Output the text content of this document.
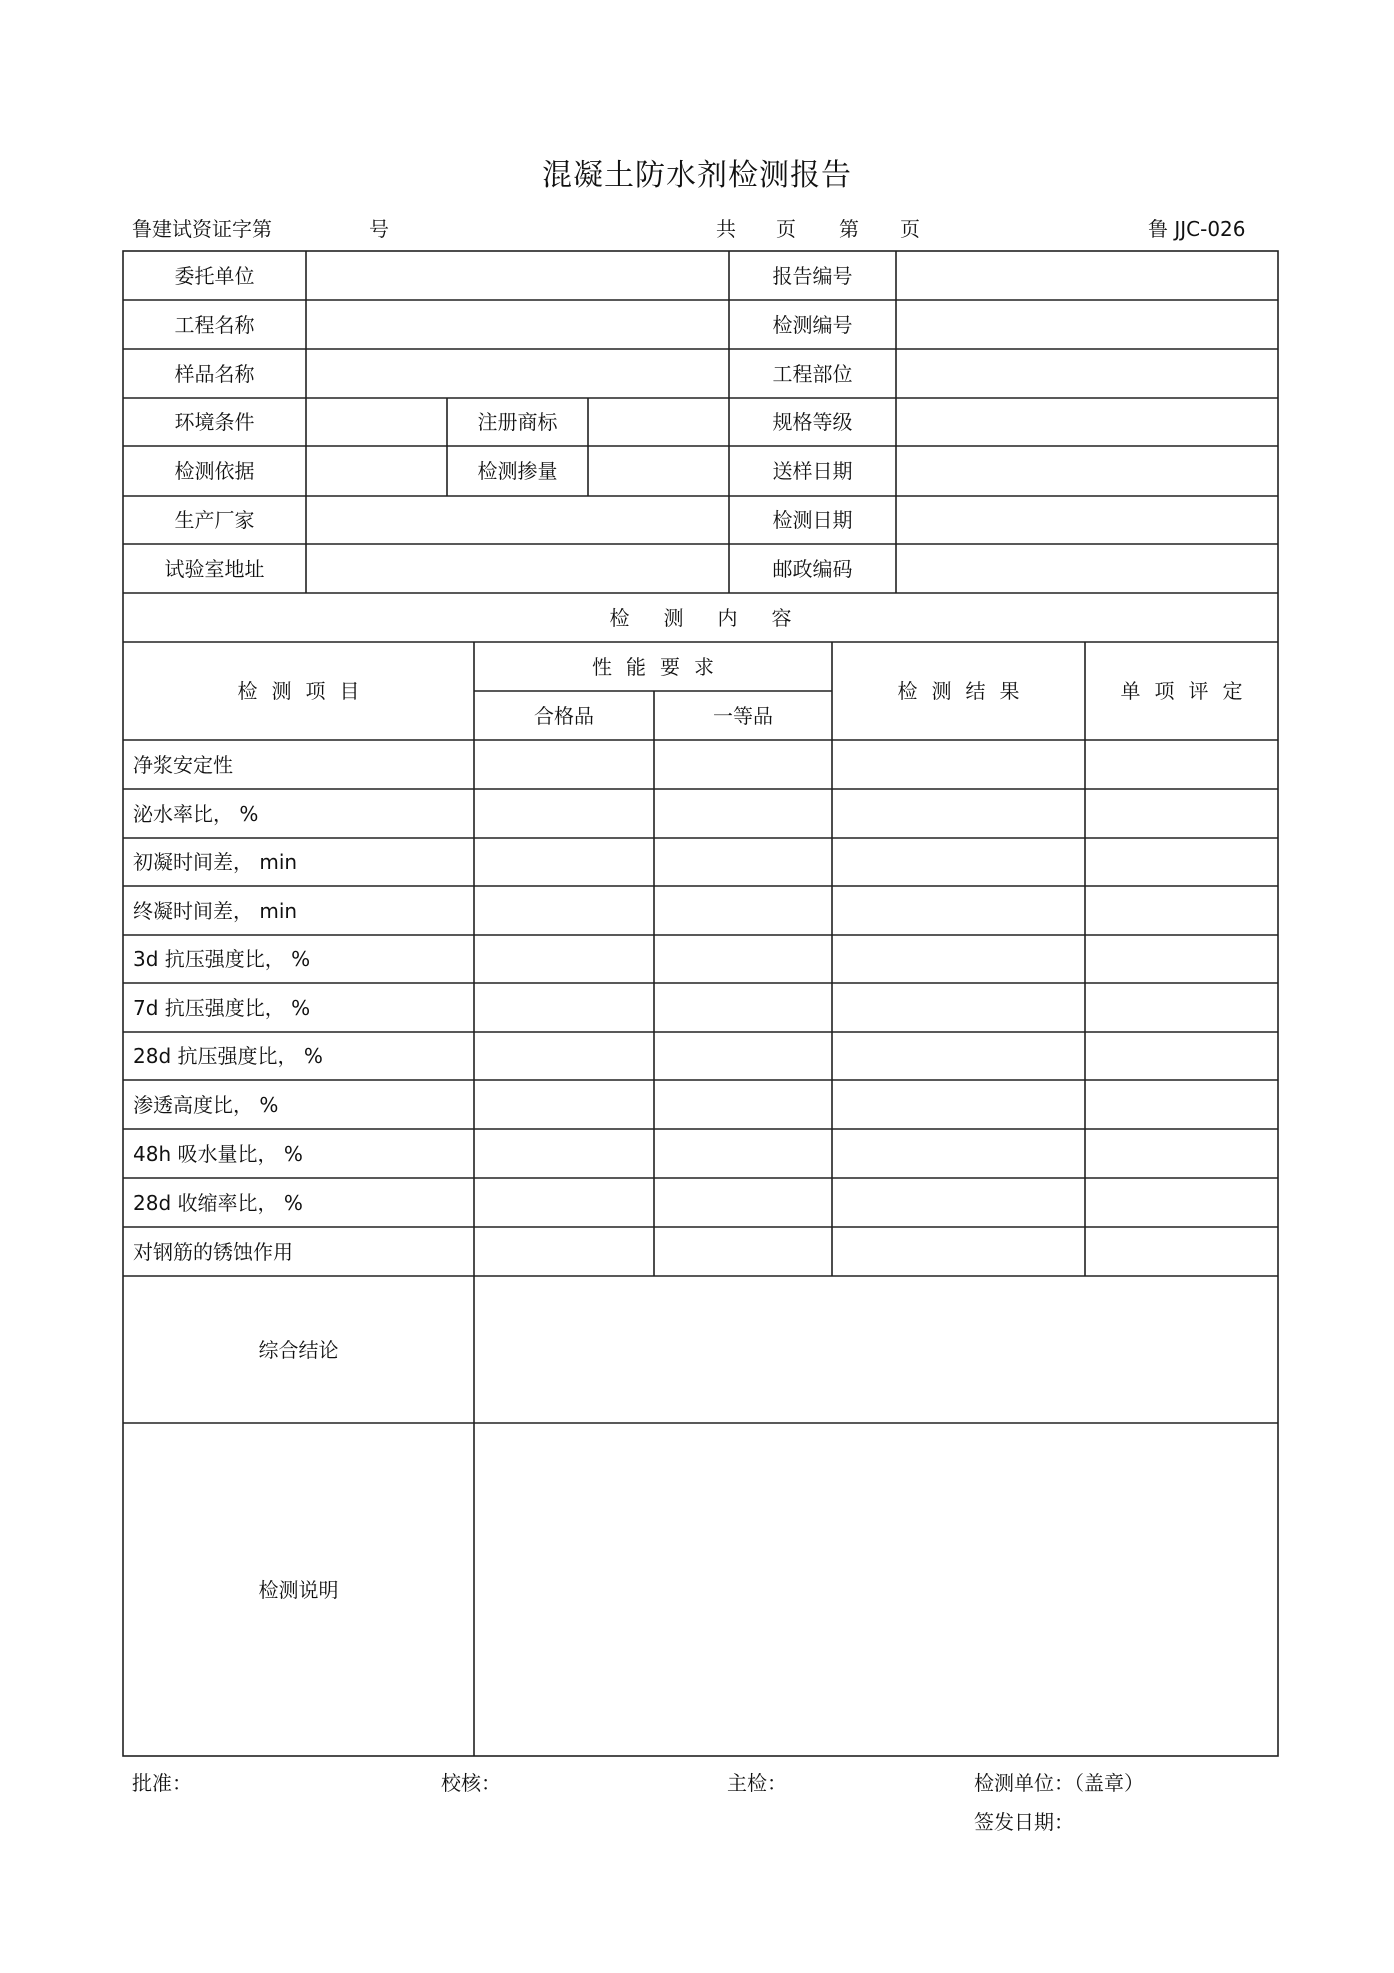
混凝土防水剂检测报告
鲁建试资证字第	号	共 页 第 页	鲁 JJC-026
委托单位	报告编号
工程名称	检测编号
样品名称	工程部位
环境条件	注册商标	规格等级
检测依据	检测掺量	送样日期
生产厂家	检测日期
试验室地址	邮政编码
检测内容
检测项目
性能要求
合格品	一等品
检测结果	单项评定
净浆安定性
泌水率比， %
初凝时间差， min
终凝时间差， min
3d 抗压强度比， %
7d 抗压强度比， %
28d 抗压强度比， %
渗透高度比， %
48h 吸水量比， %
28d 收缩率比， %
对钢筋的锈蚀作用
综合结论
检测说明
批准：	校核：	主检：	检测单位：（盖章）
签发日期：
